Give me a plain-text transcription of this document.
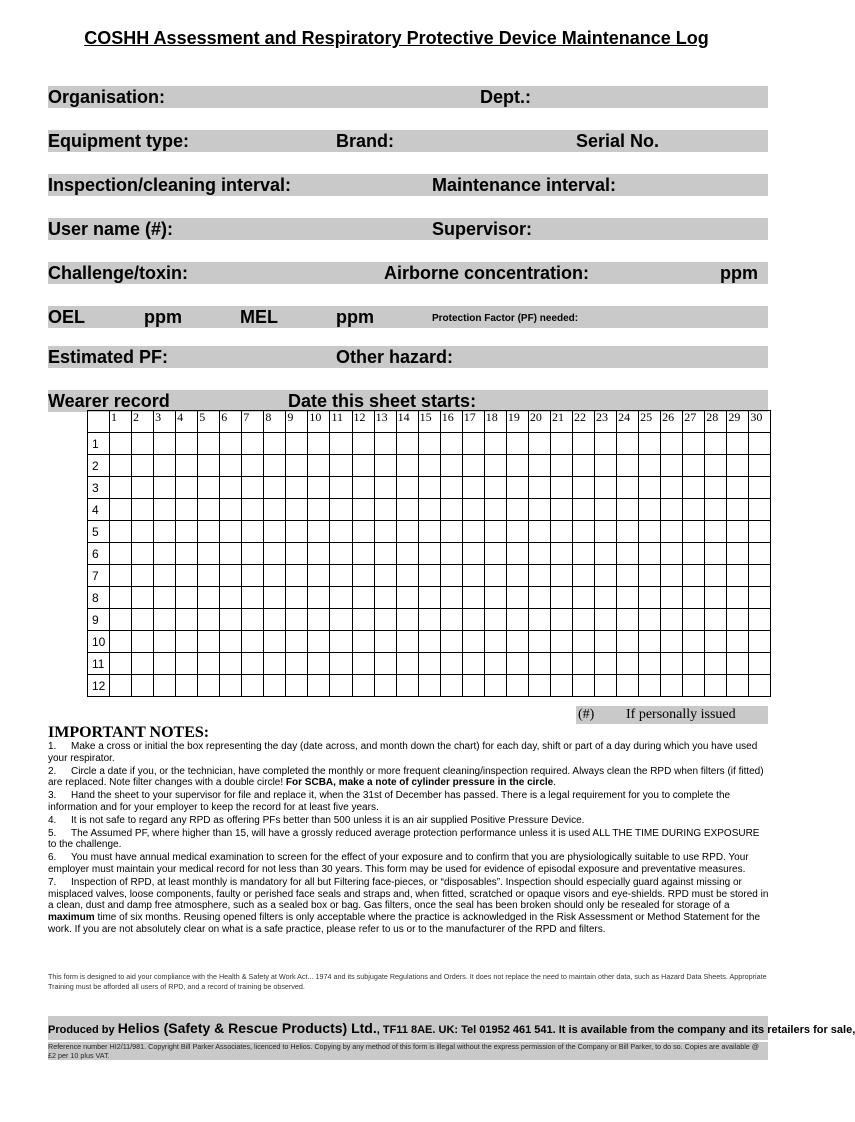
COSHH Assessment and Respiratory Protective Device Maintenance Log
Organisation:	Dept.:
Equipment type:	Brand:	Serial No.
Inspection/cleaning interval:	Maintenance interval:
User name (#):	Supervisor:
Challenge/toxin:	Airborne concentration:	ppm
OEL	ppm	MEL	ppm	Protection Factor (PF) needed:
Estimated PF:	Other hazard:
Wearer record	Date this sheet starts:
	1	2	3	4	5	6	7	8	9	10	11	12	13	14	15	16	17	18	19	20	21	22	23	24	25	26	27	28	29	30
1																														
2																														
3																														
4																														
5																														
6																														
7																														
8																														
9																														
10																														
11																														
12																														
(#) If personally issued
IMPORTANT NOTES:

1. Make a cross or initial the box representing the day (date across, and month down the chart) for each day, shift or part of a day during which you have used your respirator.

2. Circle a date if you, or the technician, have completed the monthly or more frequent cleaning/inspection required. Always clean the RPD when filters (if fitted) are replaced. Note filter changes with a double circle! For SCBA, make a note of cylinder pressure in the circle.

3. Hand the sheet to your supervisor for file and replace it, when the 31st of December has passed. There is a legal requirement for you to complete the information and for your employer to keep the record for at least five years.

4. It is not safe to regard any RPD as offering PFs better than 500 unless it is an air supplied Positive Pressure Device.

5. The Assumed PF, where higher than 15, will have a grossly reduced average protection performance unless it is used ALL THE TIME DURING EXPOSURE to the challenge.

6. You must have annual medical examination to screen for the effect of your exposure and to confirm that you are physiologically suitable to use RPD. Your employer must maintain your medical record for not less than 30 years. This form may be used for evidence of episodal exposure and preventative measures.

7. Inspection of RPD, at least monthly is mandatory for all but Filtering face-pieces, or “disposables”. Inspection should especially guard against missing or misplaced valves, loose components, faulty or perished face seals and straps and, when fitted, scratched or opaque visors and eye-shields. RPD must be stored in a clean, dust and damp free atmosphere, such as a sealed box or bag. Gas filters, once the seal has been broken should only be resealed for storage of a maximum time of six months. Reusing opened filters is only acceptable where the practice is acknowledged in the Risk Assessment or Method Statement for the work. If you are not absolutely clear on what is a safe practice, please refer to us or to the manufacturer of the RPD and filters.

This form is designed to aid your compliance with the Health & Safety at Work Act... 1974 and its subjugate Regulations and Orders. It does not replace the need to maintain other data, such as Hazard Data Sheets. Appropriate Training must be afforded all users of RPD, and a record of training be observed.
Produced by Helios (Safety & Rescue Products) Ltd., TF11 8AE. UK: Tel 01952 461 541. It is available from the company and its retailers for sale,
Reference number HI2/11/981. Copyright Bill Parker Associates, licenced to Helios. Copying by any method of this form is illegal without the express permission of the Company or Bill Parker, to do so. Copies are available @ £2 per 10 plus VAT.
